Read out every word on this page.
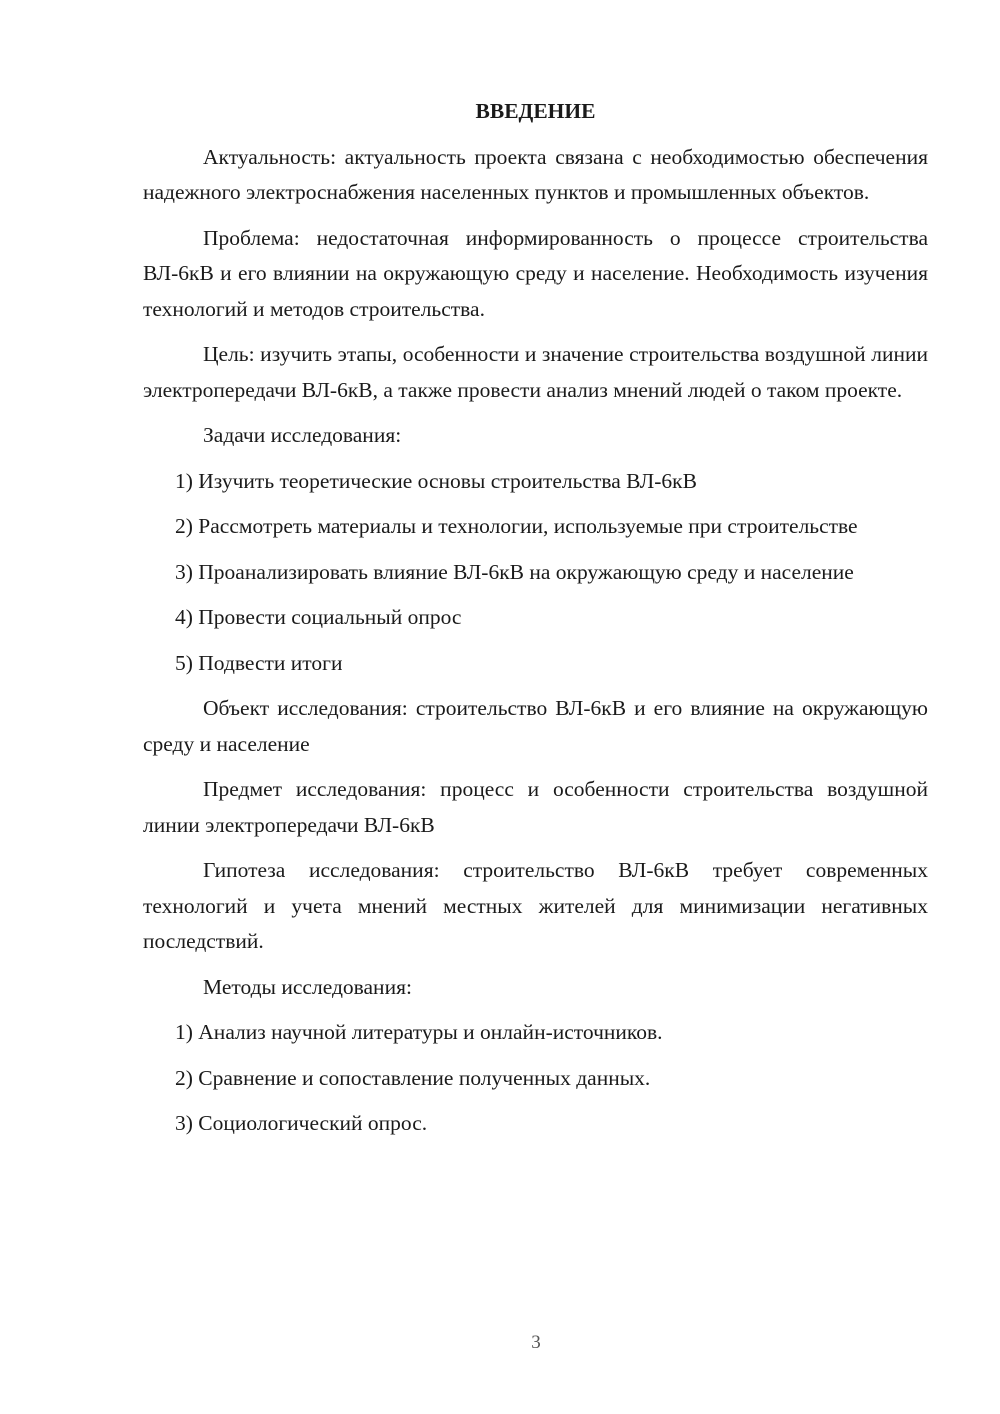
ВВЕДЕНИЕ

Актуальность: актуальность проекта связана с необходимостью обеспечения надежного электроснабжения населенных пунктов и промышленных объектов.

Проблема: недостаточная информированность о процессе строительства ВЛ-6кВ и его влиянии на окружающую среду и население. Необходимость изучения технологий и методов строительства.

Цель: изучить этапы, особенности и значение строительства воздушной линии электропередачи ВЛ-6кВ, а также провести анализ мнений людей о таком проекте.

Задачи исследования:

1) Изучить теоретические основы строительства ВЛ-6кВ

2) Рассмотреть материалы и технологии, используемые при строительстве

3) Проанализировать влияние ВЛ-6кВ на окружающую среду и население

4) Провести социальный опрос

5) Подвести итоги

Объект исследования: строительство ВЛ-6кВ и его влияние на окружающую среду и население

Предмет исследования: процесс и особенности строительства воздушной линии электропередачи ВЛ-6кВ

Гипотеза исследования: строительство ВЛ-6кВ требует современных технологий и учета мнений местных жителей для минимизации негативных последствий.

Методы исследования:

1) Анализ научной литературы и онлайн-источников.

2) Сравнение и сопоставление полученных данных.

3) Социологический опрос.

3
